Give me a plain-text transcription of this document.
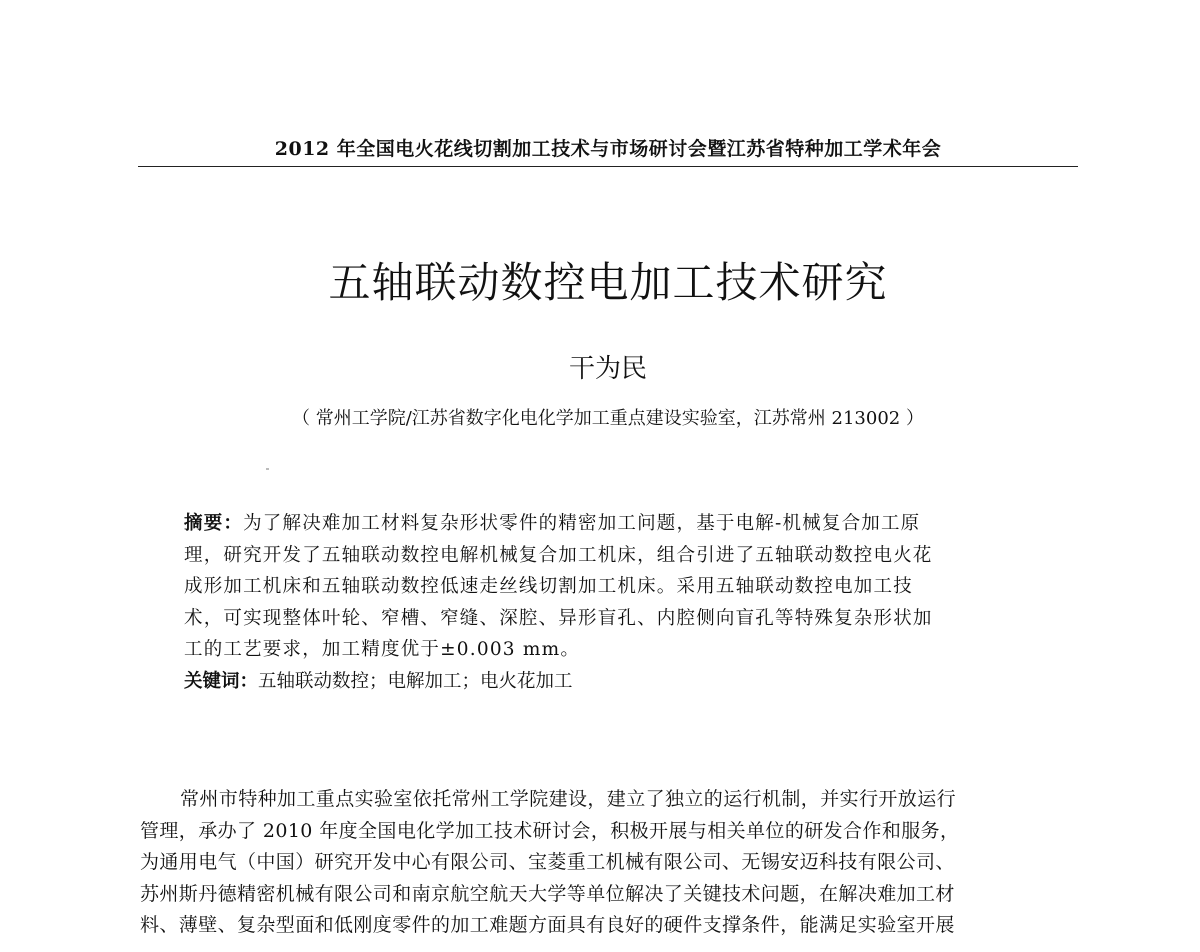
2012 年全国电火花线切割加工技术与市场研讨会暨江苏省特种加工学术年会
五轴联动数控电加工技术研究
干为民
（ 常州工学院/江苏省数字化电化学加工重点建设实验室，江苏常州 213002 ）
摘要：为了解决难加工材料复杂形状零件的精密加工问题，基于电解-机械复合加工原
理，研究开发了五轴联动数控电解机械复合加工机床，组合引进了五轴联动数控电火花
成形加工机床和五轴联动数控低速走丝线切割加工机床。采用五轴联动数控电加工技
术，可实现整体叶轮、窄槽、窄缝、深腔、异形盲孔、内腔侧向盲孔等特殊复杂形状加
工的工艺要求，加工精度优于±0.003 mm。
关键词：五轴联动数控；电解加工；电火花加工
常州市特种加工重点实验室依托常州工学院建设，建立了独立的运行机制，并实行开放运行
管理，承办了 2010 年度全国电化学加工技术研讨会，积极开展与相关单位的研发合作和服务，
为通用电气（中国）研究开发中心有限公司、宝菱重工机械有限公司、无锡安迈科技有限公司、
苏州斯丹德精密机械有限公司和南京航空航天大学等单位解决了关键技术问题，在解决难加工材
料、薄壁、复杂型面和低刚度零件的加工难题方面具有良好的硬件支撑条件，能满足实验室开展
